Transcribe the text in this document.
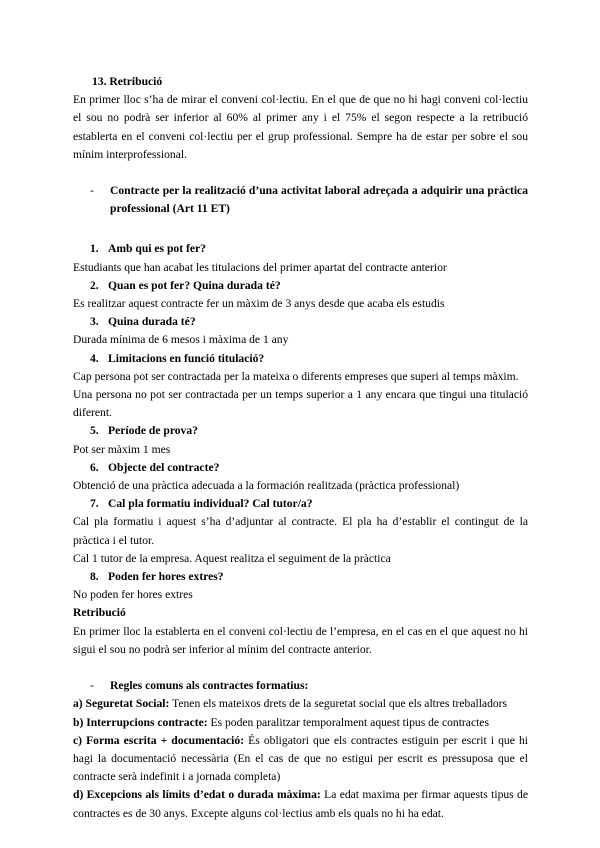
13. Retribució

En primer lloc s’ha de mirar el conveni col·lectiu. En el que de que no hi hagi conveni col·lectiu el sou no podrà ser inferior al 60% al primer any i el 75% el segon respecte a la retribució establerta en el conveni col·lectiu per el grup professional. Sempre ha de estar per sobre el sou mínim interprofessional.

- Contracte per la realització d’una activitat laboral adreçada a adquirir una pràctica professional (Art 11 ET)
1. Amb qui es pot fer?

Estudiants que han acabat les titulacions del primer apartat del contracte anterior

2. Quan es pot fer? Quina durada té?

Es realitzar aquest contracte fer un màxim de 3 anys desde que acaba els estudis

3. Quina durada té?

Durada mínima de 6 mesos i màxima de 1 any

4. Limitacions en funció titulació?

Cap persona pot ser contractada per la mateixa o diferents empreses que superi al temps màxim.

Una persona no pot ser contractada per un temps superior a 1 any encara que tingui una titulació diferent.

5. Període de prova?

Pot ser màxim 1 mes

6. Objecte del contracte?

Obtenció de una pràctica adecuada a la formación realitzada (pràctica professional)

7. Cal pla formatiu individual? Cal tutor/a?

Cal pla formatiu i aquest s’ha d’adjuntar al contracte. El pla ha d’establir el contingut de la pràctica i el tutor.

Cal 1 tutor de la empresa. Aquest realitza el seguiment de la pràctica

8. Poden fer hores extres?

No poden fer hores extres

Retribució

En primer lloc la establerta en el conveni col·lectiu de l’empresa, en el cas en el que aquest no hi sigui el sou no podrà ser inferior al mínim del contracte anterior.

- Regles comuns als contractes formatius:

a) Seguretat Social: Tenen els mateixos drets de la seguretat social que els altres treballadors

b) Interrupcions contracte: Es poden paralitzar temporalment aquest tipus de contractes

c) Forma escrita + documentació: És obligatori que els contractes estiguin per escrit i que hi hagi la documentació necessària (En el cas de que no estigui per escrit es pressuposa que el contracte serà indefinit i a jornada completa)

d) Excepcions als límits d’edat o durada màxima: La edat maxima per firmar aquests tipus de contractes es de 30 anys. Excepte alguns col·lectius amb els quals no hi ha edat.
